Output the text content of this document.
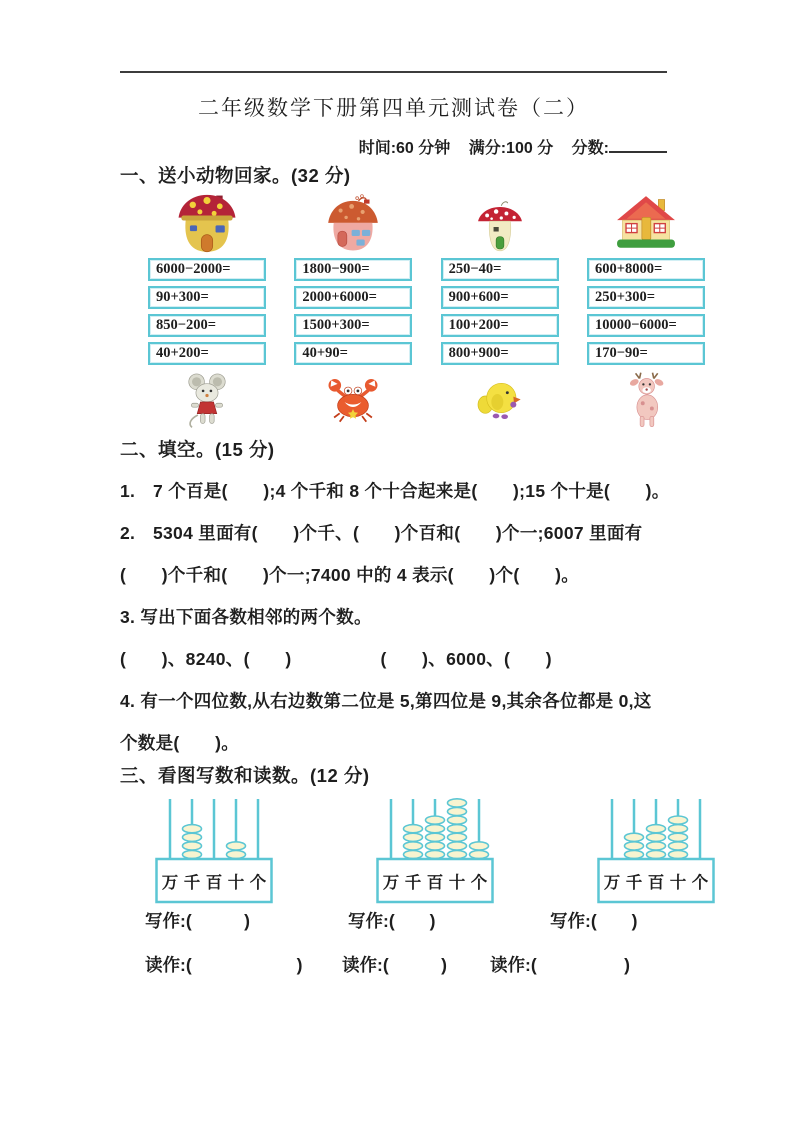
二年级数学下册第四单元测试卷（二）
时间:60 分钟 满分:100 分 分数:
一、送小动物回家。(32 分)
6000−2000=
90+300=
850−200=
40+200=
1800−900=
2000+6000=
1500+300=
40+90=
250−40=
900+600=
100+200=
800+900=
600+8000=
250+300=
10000−6000=
170−90=
二、填空。(15 分)
1.　7 个百是(　　);4 个千和 8 个十合起来是(　　);15 个十是(　　)。
2.　5304 里面有(　　)个千、(　　)个百和(　　)个一;6007 里面有
(　　)个千和(　　)个一;7400 中的 4 表示(　　)个(　　)。
3. 写出下面各数相邻的两个数。
(　　)、8240、(　　)　　　　　(　　)、6000、(　　)
4. 有一个四位数,从右边数第二位是 5,第四位是 9,其余各位都是 0,这
个数是(　　)。
三、看图写数和读数。(12 分)
万 千 百 十 个	万 千 百 十 个	万 千 百 十 个
写作:(　　　)	写作:(　　)	写作:(　　)
读作:(　　　　　　) 读作:(　　　) 读作:(　　　　　)
